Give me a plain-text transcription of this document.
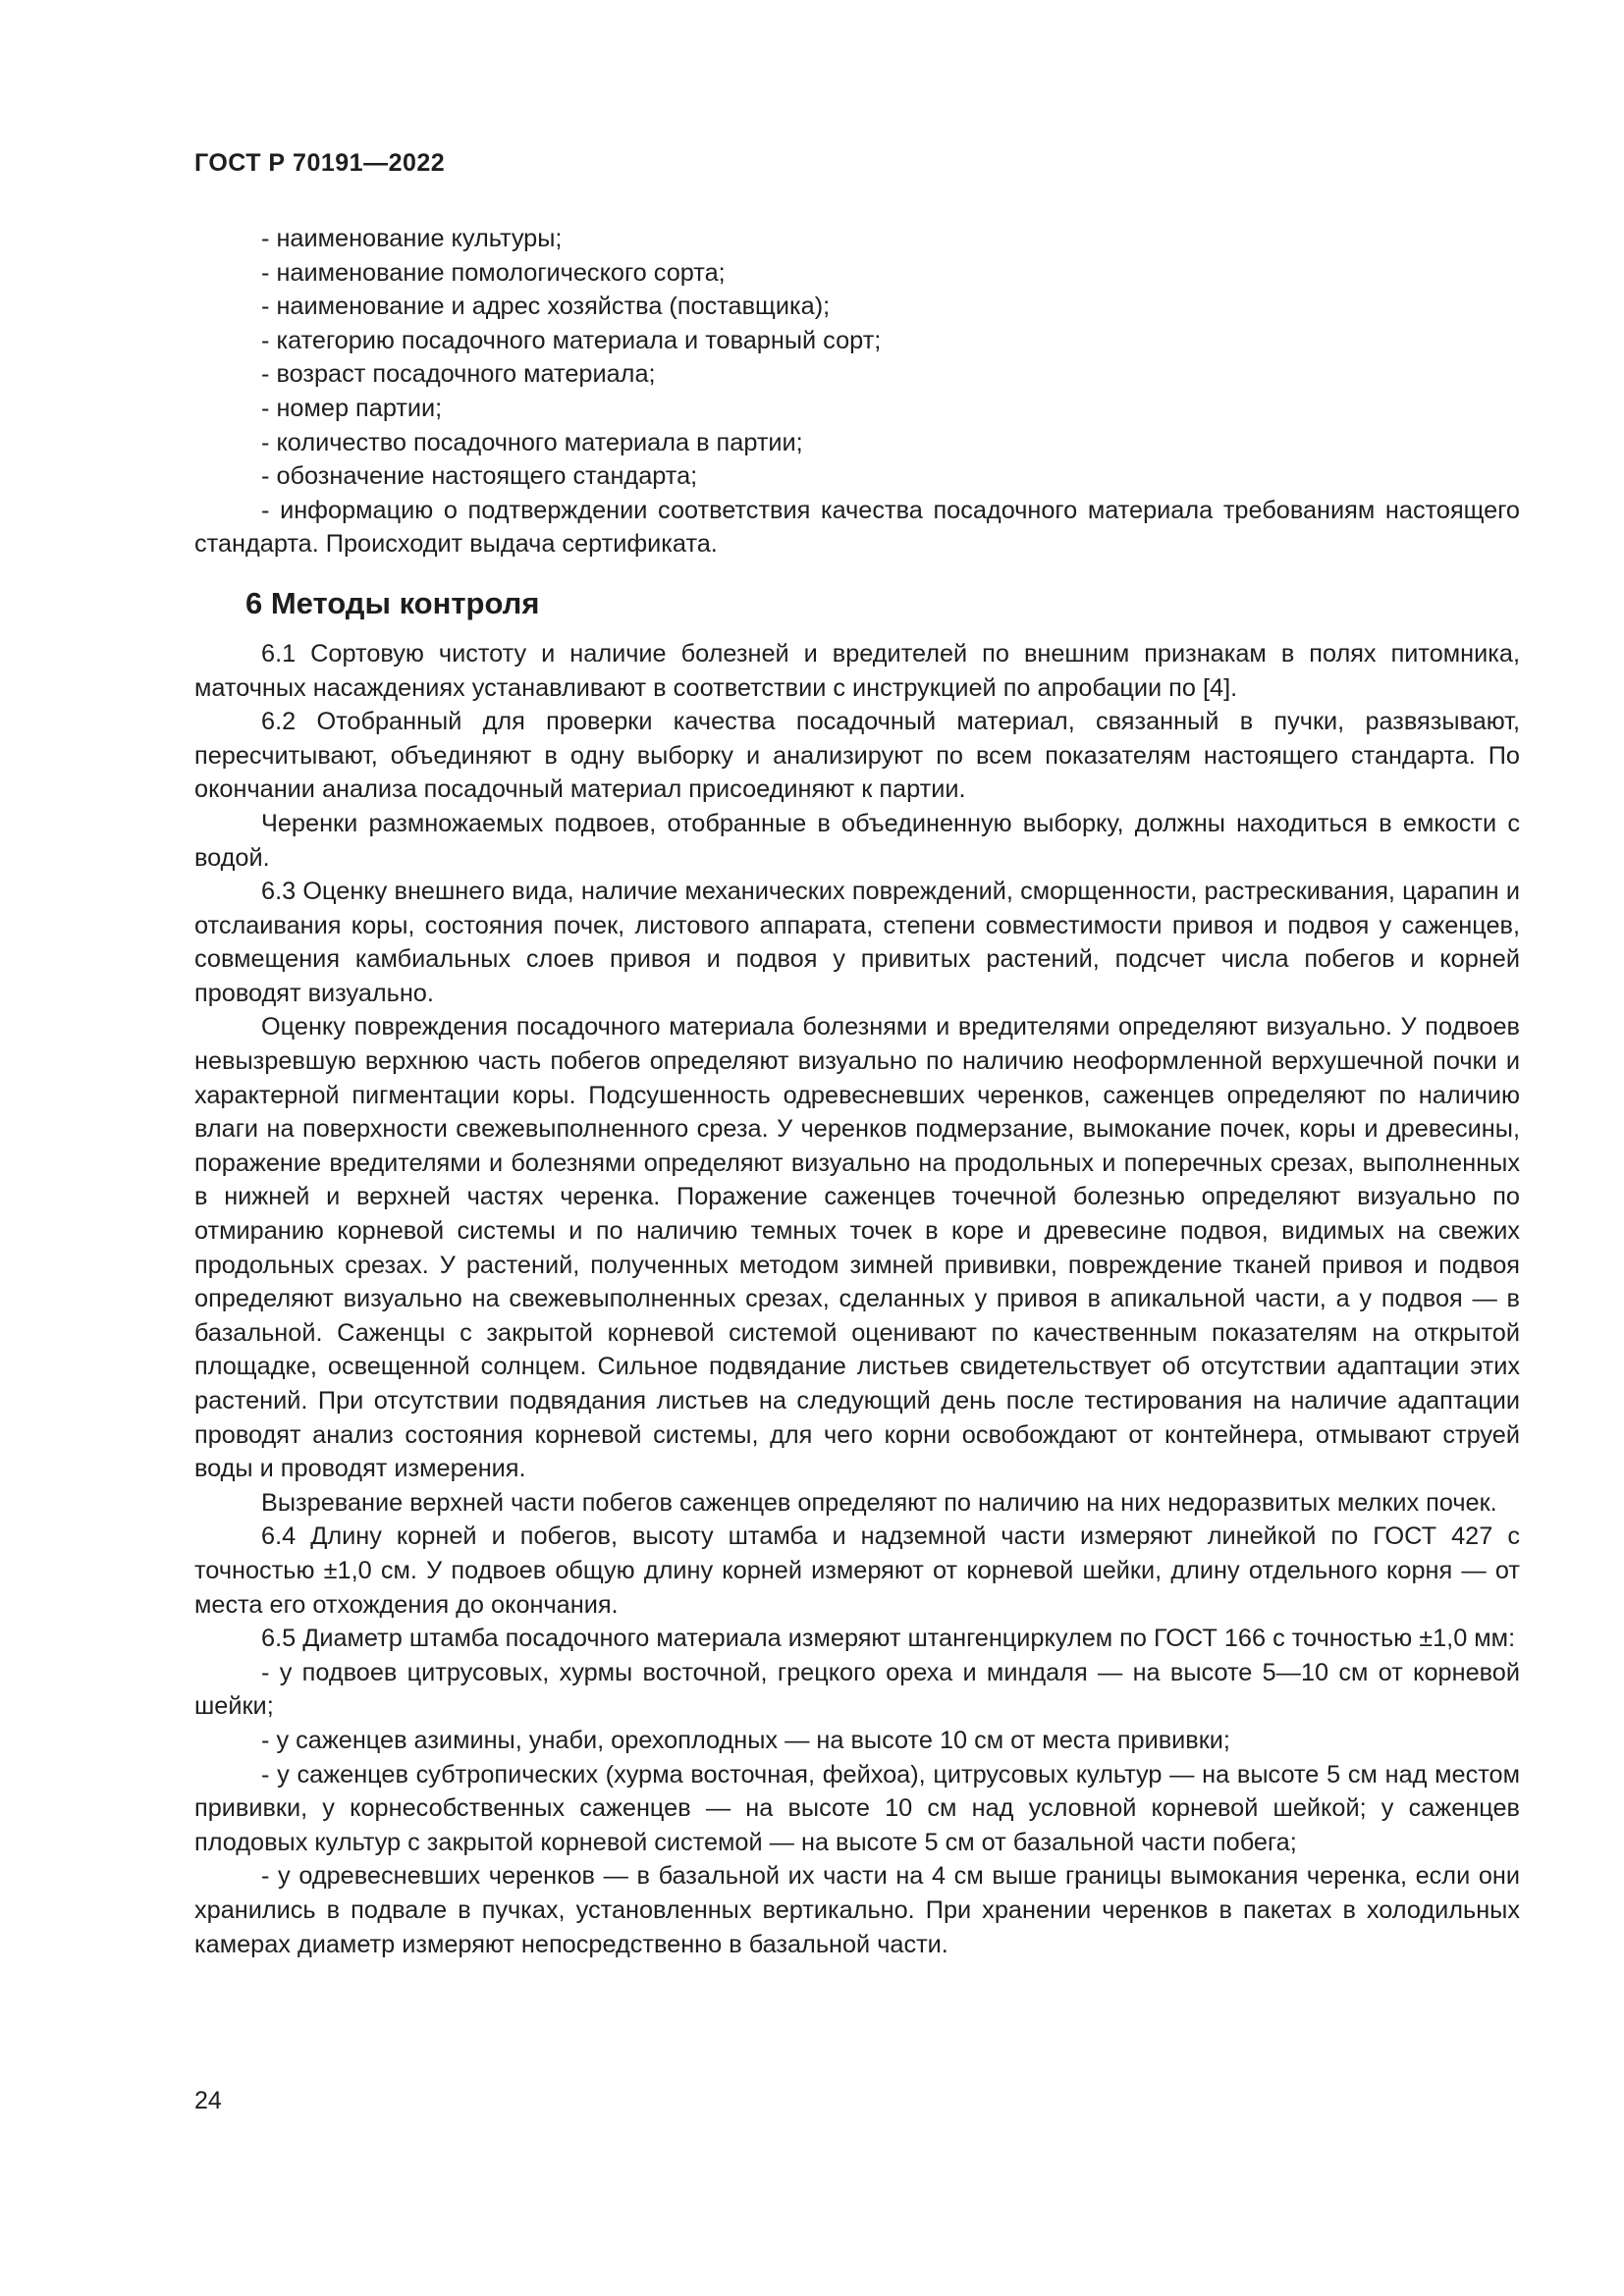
ГОСТ Р 70191—2022

- наименование культуры;

- наименование помологического сорта;

- наименование и адрес хозяйства (поставщика);

- категорию посадочного материала и товарный сорт;

- возраст посадочного материала;

- номер партии;

- количество посадочного материала в партии;

- обозначение настоящего стандарта;

- информацию о подтверждении соответствия качества посадочного материала требованиям настоящего стандарта. Происходит выдача сертификата.

6 Методы контроля

6.1 Сортовую чистоту и наличие болезней и вредителей по внешним признакам в полях питомника, маточных насаждениях устанавливают в соответствии с инструкцией по апробации по [4].

6.2 Отобранный для проверки качества посадочный материал, связанный в пучки, развязывают, пересчитывают, объединяют в одну выборку и анализируют по всем показателям настоящего стандарта. По окончании анализа посадочный материал присоединяют к партии.

Черенки размножаемых подвоев, отобранные в объединенную выборку, должны находиться в емкости с водой.

6.3 Оценку внешнего вида, наличие механических повреждений, сморщенности, растрескивания, царапин и отслаивания коры, состояния почек, листового аппарата, степени совместимости привоя и подвоя у саженцев, совмещения камбиальных слоев привоя и подвоя у привитых растений, подсчет числа побегов и корней проводят визуально.

Оценку повреждения посадочного материала болезнями и вредителями определяют визуально. У подвоев невызревшую верхнюю часть побегов определяют визуально по наличию неоформленной верхушечной почки и характерной пигментации коры. Подсушенность одревесневших черенков, саженцев определяют по наличию влаги на поверхности свежевыполненного среза. У черенков подмерзание, вымокание почек, коры и древесины, поражение вредителями и болезнями определяют визуально на продольных и поперечных срезах, выполненных в нижней и верхней частях черенка. Поражение саженцев точечной болезнью определяют визуально по отмиранию корневой системы и по наличию темных точек в коре и древесине подвоя, видимых на свежих продольных срезах. У растений, полученных методом зимней прививки, повреждение тканей привоя и подвоя определяют визуально на свежевыполненных срезах, сделанных у привоя в апикальной части, а у подвоя — в базальной. Саженцы с закрытой корневой системой оценивают по качественным показателям на открытой площадке, освещенной солнцем. Сильное подвядание листьев свидетельствует об отсутствии адаптации этих растений. При отсутствии подвядания листьев на следующий день после тестирования на наличие адаптации проводят анализ состояния корневой системы, для чего корни освобождают от контейнера, отмывают струей воды и проводят измерения.

Вызревание верхней части побегов саженцев определяют по наличию на них недоразвитых мелких почек.

6.4 Длину корней и побегов, высоту штамба и надземной части измеряют линейкой по ГОСТ 427 с точностью ±1,0 см. У подвоев общую длину корней измеряют от корневой шейки, длину отдельного корня — от места его отхождения до окончания.

6.5 Диаметр штамба посадочного материала измеряют штангенциркулем по ГОСТ 166 с точностью ±1,0 мм:

- у подвоев цитрусовых, хурмы восточной, грецкого ореха и миндаля — на высоте 5—10 см от корневой шейки;

- у саженцев азимины, унаби, орехоплодных — на высоте 10 см от места прививки;

- у саженцев субтропических (хурма восточная, фейхоа), цитрусовых культур — на высоте 5 см над местом прививки, у корнесобственных саженцев — на высоте 10 см над условной корневой шейкой; у саженцев плодовых культур с закрытой корневой системой — на высоте 5 см от базальной части побега;

- у одревесневших черенков — в базальной их части на 4 см выше границы вымокания черенка, если они хранились в подвале в пучках, установленных вертикально. При хранении черенков в пакетах в холодильных камерах диаметр измеряют непосредственно в базальной части.

24
